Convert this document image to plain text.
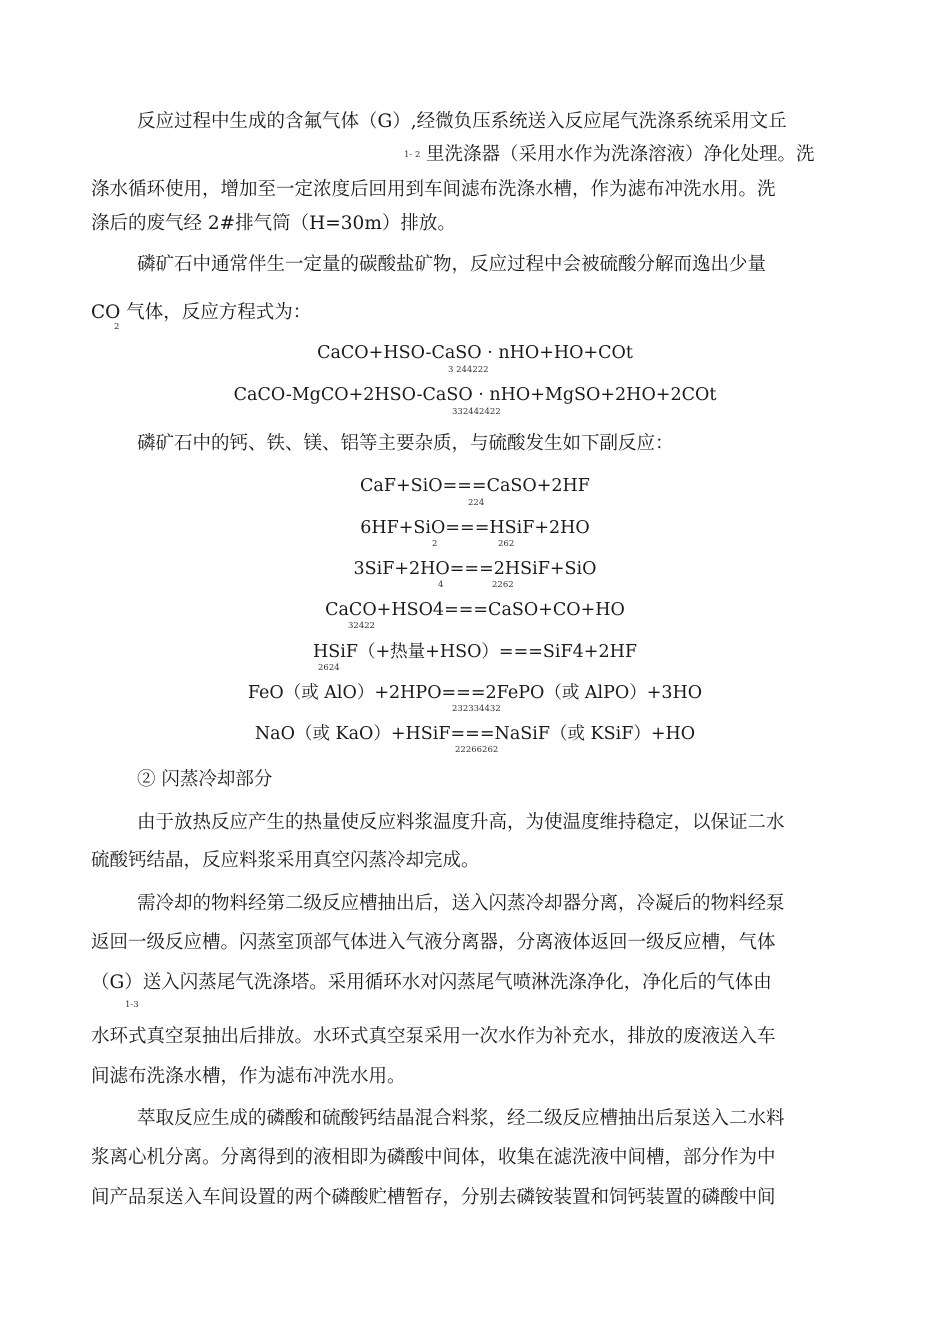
反应过程中生成的含氟气体（G）,经微负压系统送入反应尾气洗涤系统采用文丘
1- 2 里洗涤器（采用水作为洗涤溶液）净化处理。洗
涤水循环使用，增加至一定浓度后回用到车间滤布洗涤水槽，作为滤布冲洗水用。洗
涤后的废气经 2#排气筒（H=30m）排放。
磷矿石中通常伴生一定量的碳酸盐矿物，反应过程中会被硫酸分解而逸出少量
CO 气体，反应方程式为：
2
CaCO+HSO-CaSO · nHO+HO+COt
3 244222
CaCO-MgCO+2HSO-CaSO · nHO+MgSO+2HO+2COt
332442422
磷矿石中的钙、铁、镁、铝等主要杂质，与硫酸发生如下副反应：
CaF+SiO===CaSO+2HF
224
6HF+SiO===HSiF+2HO
2	262
3SiF+2HO===2HSiF+SiO
4	2262
CaCO+HSO4===CaSO+CO+HO
32422
HSiF（+热量+HSO）===SiF4+2HF
2624
FeO（或 AlO）+2HPO===2FePO（或 AlPO）+3HO
232334432
NaO（或 KaO）+HSiF===NaSiF（或 KSiF）+HO
22266262
② 闪蒸冷却部分
由于放热反应产生的热量使反应料浆温度升高，为使温度维持稳定，以保证二水
硫酸钙结晶，反应料浆采用真空闪蒸冷却完成。
需冷却的物料经第二级反应槽抽出后，送入闪蒸冷却器分离，冷凝后的物料经泵
返回一级反应槽。闪蒸室顶部气体进入气液分离器，分离液体返回一级反应槽，气体
（G）送入闪蒸尾气洗涤塔。采用循环水对闪蒸尾气喷淋洗涤净化，净化后的气体由
1-3
水环式真空泵抽出后排放。水环式真空泵采用一次水作为补充水，排放的废液送入车
间滤布洗涤水槽，作为滤布冲洗水用。
萃取反应生成的磷酸和硫酸钙结晶混合料浆，经二级反应槽抽出后泵送入二水料
浆离心机分离。分离得到的液相即为磷酸中间体，收集在滤洗液中间槽，部分作为中
间产品泵送入车间设置的两个磷酸贮槽暂存，分别去磷铵装置和饲钙装置的磷酸中间
